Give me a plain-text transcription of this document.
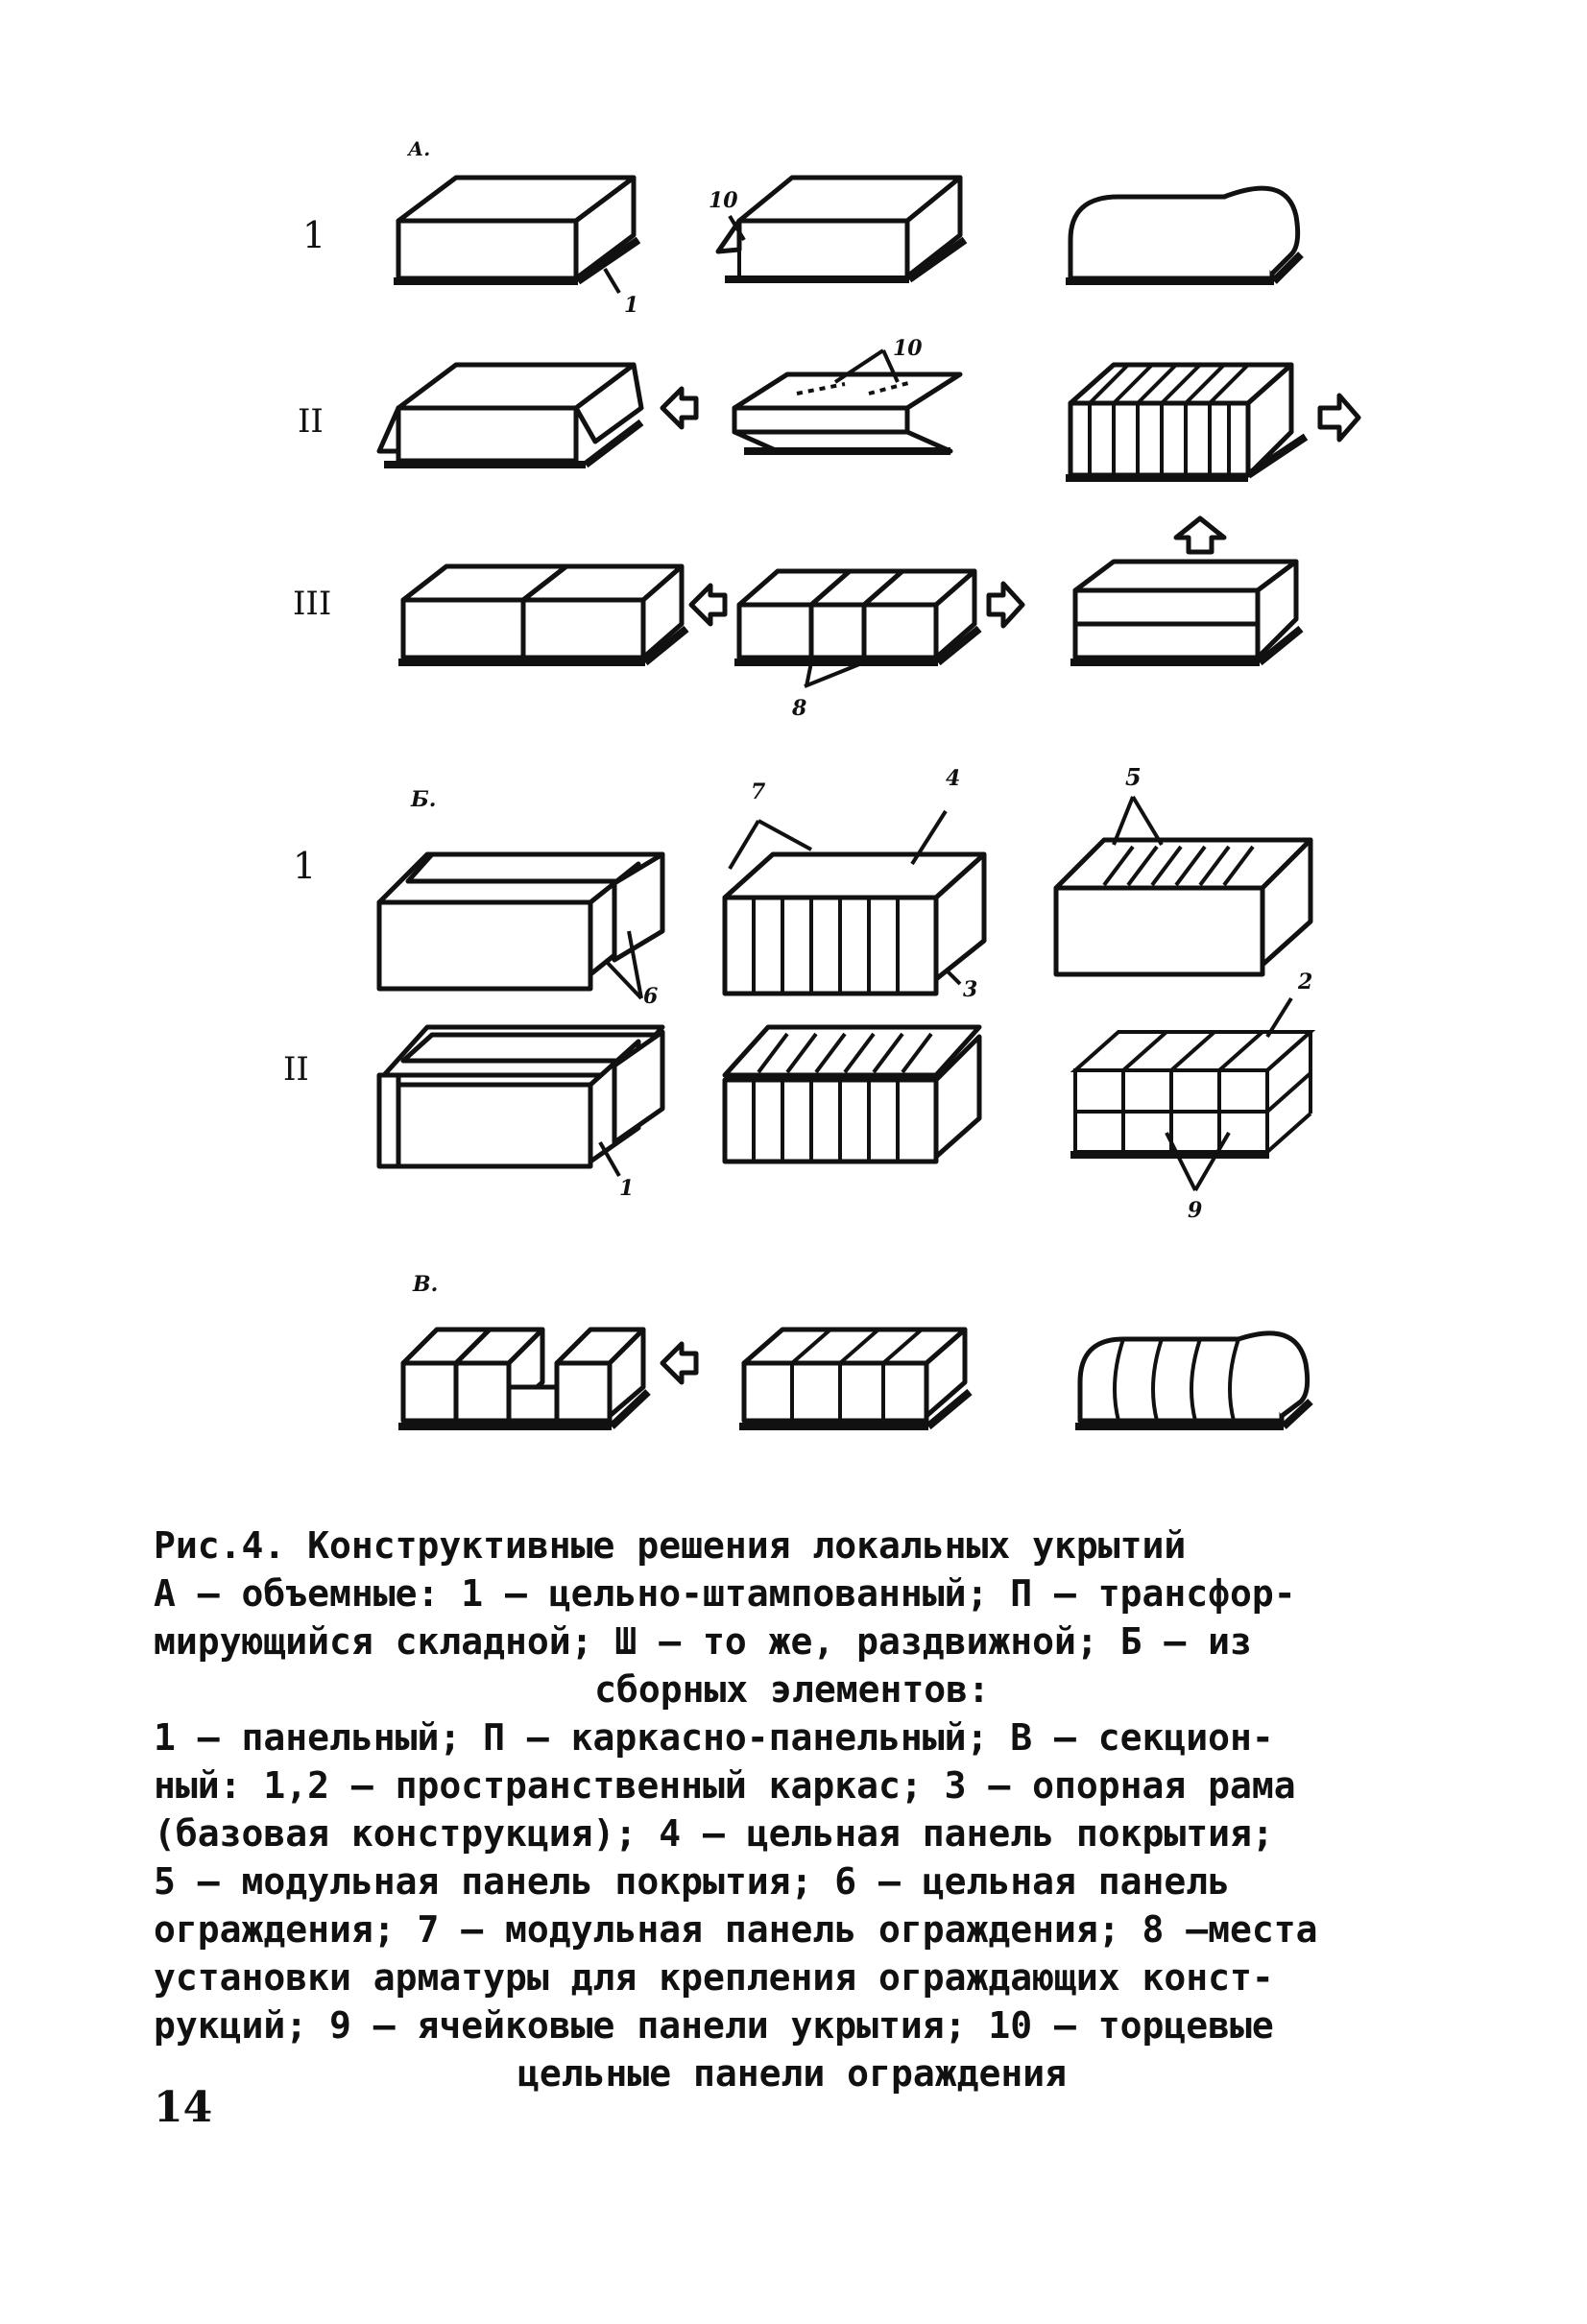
А.
1
II
III
1
10
10
8
Б.
1
II
6
7
4
3
5
1
2
9
В.
Рис.4. Конструктивные решения локальных укрытий
А – объемные: 1 – цельно-штампованный; П – трансфор-
мирующийся складной; Ш – то же, раздвижной; Б – из
сборных элементов:
1 – панельный; П – каркасно-панельный; В – секцион-
ный: 1,2 – пространственный каркас; 3 – опорная рама
(базовая конструкция); 4 – цельная панель покрытия;
5 – модульная панель покрытия; 6 – цельная панель
ограждения; 7 – модульная панель ограждения; 8 –места
установки арматуры для крепления ограждающих конст-
рукций; 9 – ячейковые панели укрытия; 10 – торцевые
цельные панели ограждения
14
